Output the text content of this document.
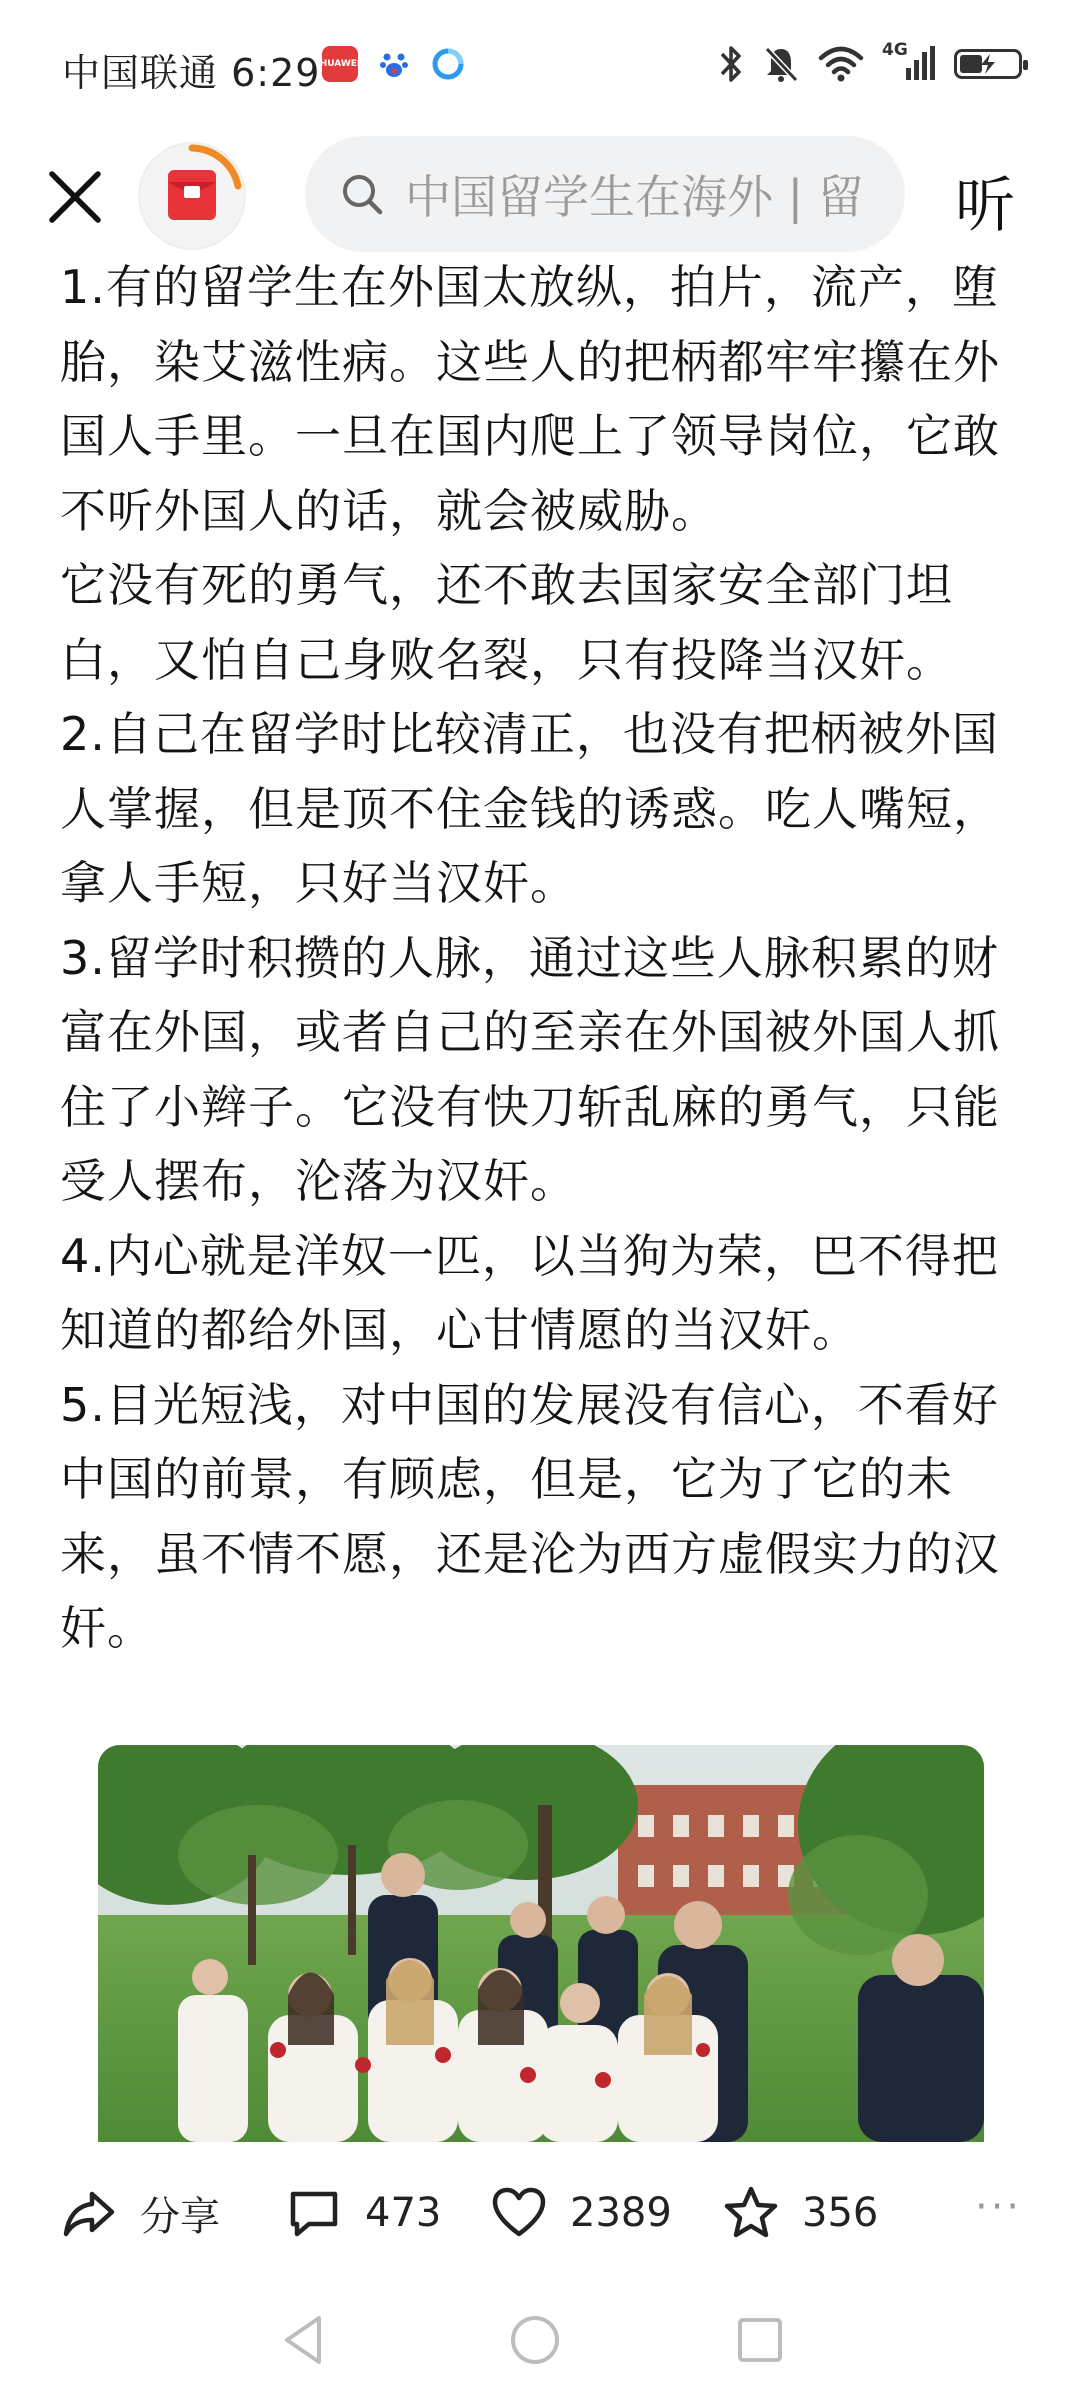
中国联通 6:29 HUAWEI
4G
中国留学生在海外 | 留	听

1.有的留学生在外国太放纵，拍片，流产，堕胎，染艾滋性病。这些人的把柄都牢牢攥在外国人手里。一旦在国内爬上了领导岗位，它敢不听外国人的话，就会被威胁。

它没有死的勇气，还不敢去国家安全部门坦白，又怕自己身败名裂，只有投降当汉奸。

2.自己在留学时比较清正，也没有把柄被外国人掌握，但是顶不住金钱的诱惑。吃人嘴短，拿人手短，只好当汉奸。

3.留学时积攒的人脉，通过这些人脉积累的财富在外国，或者自己的至亲在外国被外国人抓住了小辫子。它没有快刀斩乱麻的勇气，只能受人摆布，沦落为汉奸。

4.内心就是洋奴一匹，以当狗为荣，巴不得把知道的都给外国，心甘情愿的当汉奸。

5.目光短浅，对中国的发展没有信心，不看好中国的前景，有顾虑，但是，它为了它的未来，虽不情不愿，还是沦为西方虚假实力的汉奸。

分享	473	2389	356 ···
